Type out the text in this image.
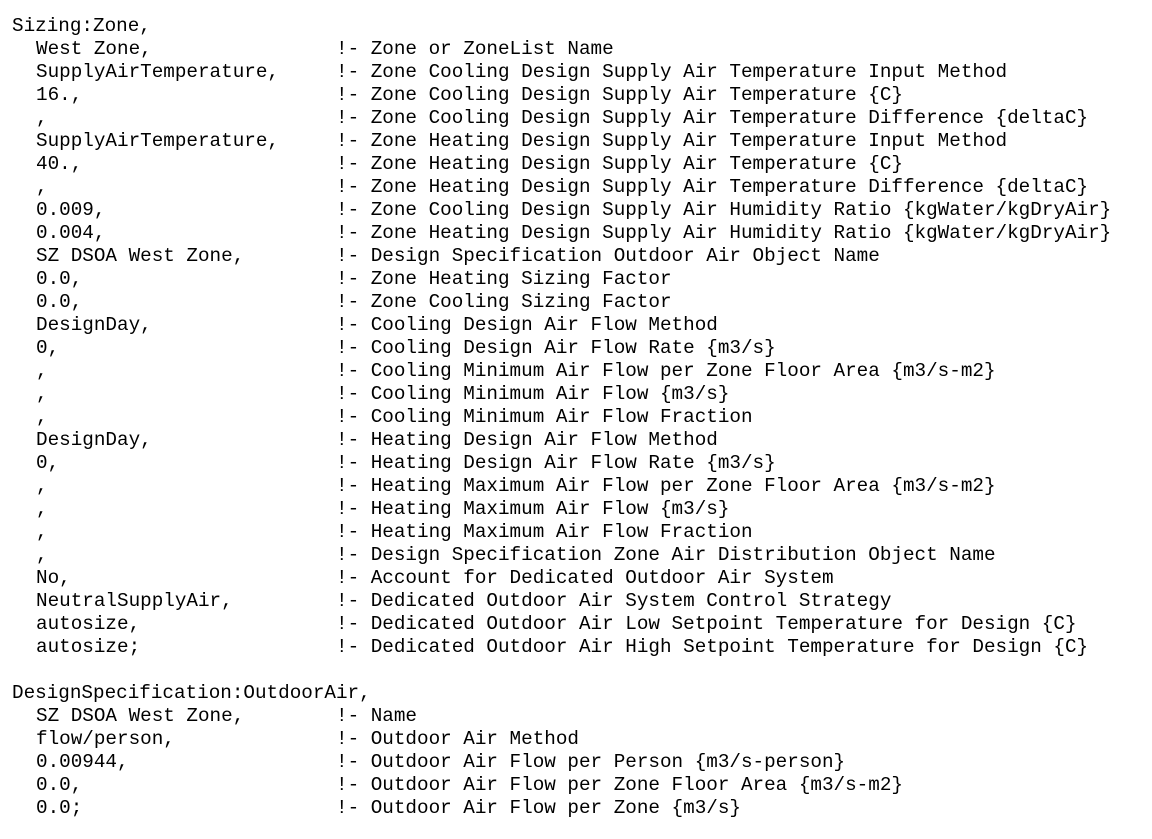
Sizing:Zone,
West Zone,	!- Zone or ZoneList Name
SupplyAirTemperature,	!- Zone Cooling Design Supply Air Temperature Input Method
16.,	!- Zone Cooling Design Supply Air Temperature {C}
,	!- Zone Cooling Design Supply Air Temperature Difference {deltaC}
SupplyAirTemperature,	!- Zone Heating Design Supply Air Temperature Input Method
40.,	!- Zone Heating Design Supply Air Temperature {C}
,	!- Zone Heating Design Supply Air Temperature Difference {deltaC}
0.009,	!- Zone Cooling Design Supply Air Humidity Ratio {kgWater/kgDryAir}
0.004,	!- Zone Heating Design Supply Air Humidity Ratio {kgWater/kgDryAir}
SZ DSOA West Zone,	!- Design Specification Outdoor Air Object Name
0.0,	!- Zone Heating Sizing Factor
0.0,	!- Zone Cooling Sizing Factor
DesignDay,	!- Cooling Design Air Flow Method
0,	!- Cooling Design Air Flow Rate {m3/s}
,	!- Cooling Minimum Air Flow per Zone Floor Area {m3/s-m2}
,	!- Cooling Minimum Air Flow {m3/s}
,	!- Cooling Minimum Air Flow Fraction
DesignDay,	!- Heating Design Air Flow Method
0,	!- Heating Design Air Flow Rate {m3/s}
,	!- Heating Maximum Air Flow per Zone Floor Area {m3/s-m2}
,	!- Heating Maximum Air Flow {m3/s}
,	!- Heating Maximum Air Flow Fraction
,	!- Design Specification Zone Air Distribution Object Name
No,	!- Account for Dedicated Outdoor Air System
NeutralSupplyAir,	!- Dedicated Outdoor Air System Control Strategy
autosize,	!- Dedicated Outdoor Air Low Setpoint Temperature for Design {C}
autosize;	!- Dedicated Outdoor Air High Setpoint Temperature for Design {C}
DesignSpecification:OutdoorAir,
SZ DSOA West Zone,	!- Name
flow/person,	!- Outdoor Air Method
0.00944,	!- Outdoor Air Flow per Person {m3/s-person}
0.0,	!- Outdoor Air Flow per Zone Floor Area {m3/s-m2}
0.0;	!- Outdoor Air Flow per Zone {m3/s}
